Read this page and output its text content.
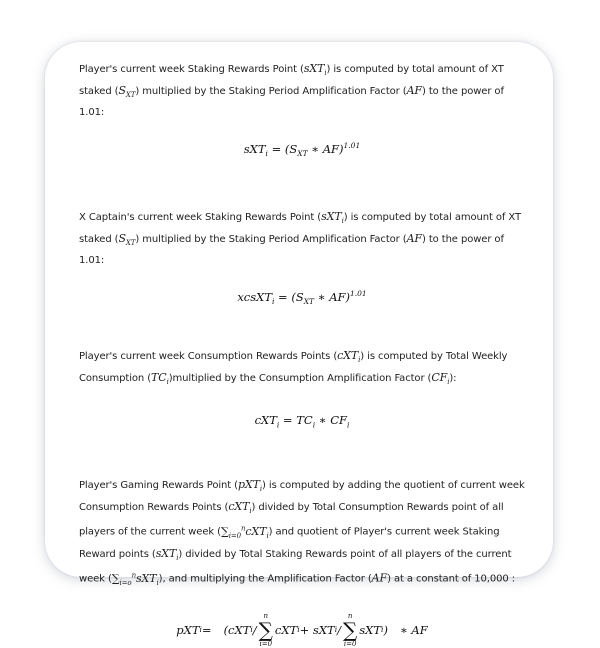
Player's current week Staking Rewards Point (sXT$_i$) is computed by total amount of XT staked $(S_{XT})$ multiplied by the Staking Period Amplification Factor (AF) to the power of 1.01:

$sXT_i = (S_{XT}$ ∗ AF)$^{1.01}$

X Captain's current week Staking Rewards Point (sXT$_i$) is computed by total amount of XT staked $(S_{XT})$ multiplied by the Staking Period Amplification Factor (AF) to the power of 1.01:

xcsXT$_i$ = ($S_{XT}$ ∗ AF)$^{1.01}$

Player's current week Consumption Rewards Points (cXT$_i$) is computed by Total Weekly Consumption $(TC_i)multiplied$ by the Consumption Amplification Factor $(CF_i)$:

$cXT_i = TC_i$ ∗ $CF_i$

Player's Gaming Rewards Point (pXT$_i$) is computed by adding the quotient of current week Consumption Rewards Points (cXT$_i$) divided by Total Consumption Rewards point of all players of the current week $(\sum_{i=0}^ncXT_i)$ and quotient of Player's current week Staking Reward points (sXT$_i$) divided by Total Staking Rewards point of all players of the current week $(\sum_{i=o}^nsXT_i)$, and multiplying the Amplification Factor (AF) at a constant of 10,000 :

pXT i = (cXT i /
n
∑
i=0
cXT i + sXT i /
n
∑
i=0
sXT i ) ∗ AF
